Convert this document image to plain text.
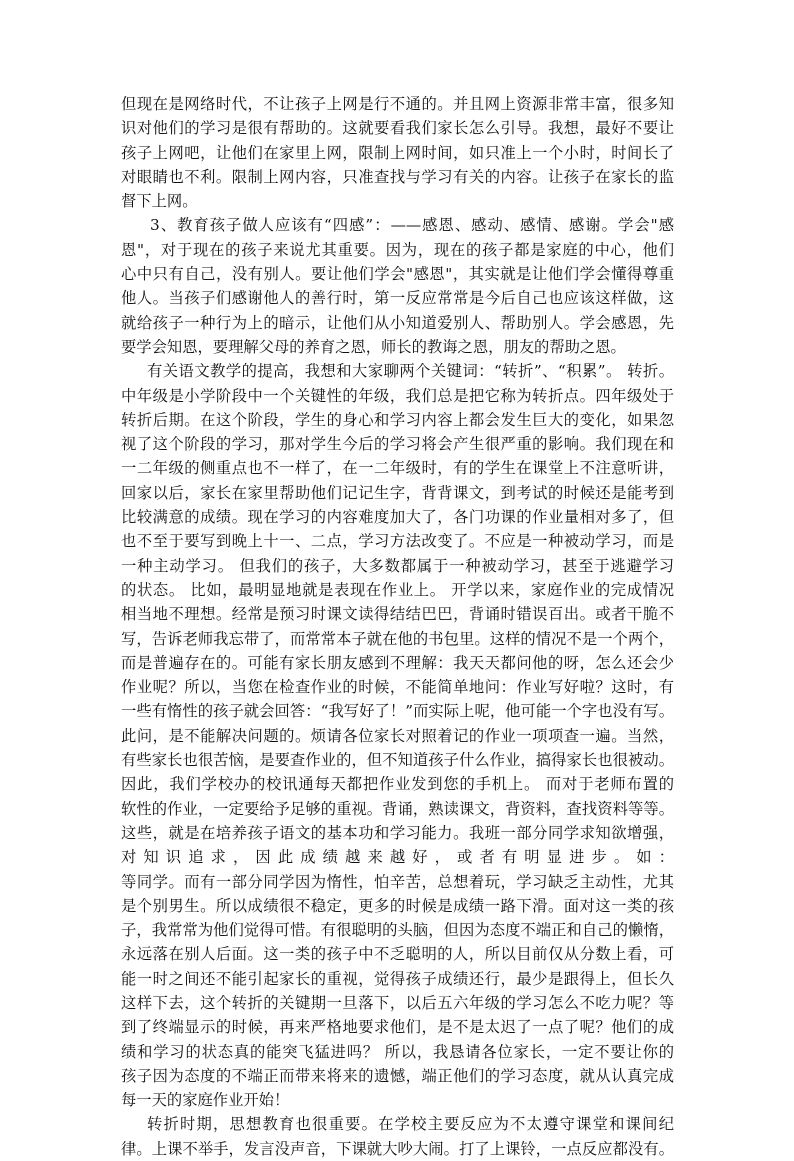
但现在是网络时代，不让孩子上网是行不通的。并且网上资源非常丰富，很多知
识对他们的学习是很有帮助的。这就要看我们家长怎么引导。我想，最好不要让
孩子上网吧，让他们在家里上网，限制上网时间，如只准上一个小时，时间长了
对眼睛也不利。限制上网内容，只准查找与学习有关的内容。让孩子在家长的监
督下上网。
3、教育孩子做人应该有“四感”：——感恩、感动、感情、感谢。学会"感
恩"，对于现在的孩子来说尤其重要。因为，现在的孩子都是家庭的中心，他们
心中只有自己，没有别人。要让他们学会"感恩"，其实就是让他们学会懂得尊重
他人。当孩子们感谢他人的善行时，第一反应常常是今后自己也应该这样做，这
就给孩子一种行为上的暗示，让他们从小知道爱别人、帮助别人。学会感恩，先
要学会知恩，要理解父母的养育之恩，师长的教诲之恩，朋友的帮助之恩。
有关语文教学的提高，我想和大家聊两个关键词：“转折”、“积累”。 转折。
中年级是小学阶段中一个关键性的年级，我们总是把它称为转折点。四年级处于
转折后期。在这个阶段，学生的身心和学习内容上都会发生巨大的变化，如果忽
视了这个阶段的学习，那对学生今后的学习将会产生很严重的影响。我们现在和
一二年级的侧重点也不一样了，在一二年级时，有的学生在课堂上不注意听讲，
回家以后，家长在家里帮助他们记记生字，背背课文，到考试的时候还是能考到
比较满意的成绩。现在学习的内容难度加大了，各门功课的作业量相对多了，但
也不至于要写到晚上十一、二点，学习方法改变了。不应是一种被动学习，而是
一种主动学习。 但我们的孩子，大多数都属于一种被动学习，甚至于逃避学习
的状态。 比如，最明显地就是表现在作业上。 开学以来，家庭作业的完成情况
相当地不理想。经常是预习时课文读得结结巴巴，背诵时错误百出。或者干脆不
写，告诉老师我忘带了，而常常本子就在他的书包里。这样的情况不是一个两个，
而是普遍存在的。可能有家长朋友感到不理解：我天天都问他的呀，怎么还会少
作业呢？所以，当您在检查作业的时候，不能简单地问：作业写好啦？这时，有
一些有惰性的孩子就会回答：“我写好了！”而实际上呢，他可能一个字也没有写。
此问，是不能解决问题的。烦请各位家长对照着记的作业一项项查一遍。当然，
有些家长也很苦恼，是要查作业的，但不知道孩子什么作业，搞得家长也很被动。
因此，我们学校办的校讯通每天都把作业发到您的手机上。 而对于老师布置的
软性的作业，一定要给予足够的重视。背诵，熟读课文，背资料，查找资料等等。
这些，就是在培养孩子语文的基本功和学习能力。我班一部分同学求知欲增强，
对知识追求，因此成绩越来越好，或者有明显进步。如：
等同学。而有一部分同学因为惰性，怕辛苦，总想着玩，学习缺乏主动性，尤其
是个别男生。所以成绩很不稳定，更多的时候是成绩一路下滑。面对这一类的孩
子，我常常为他们觉得可惜。有很聪明的头脑，但因为态度不端正和自己的懒惰，
永远落在别人后面。这一类的孩子中不乏聪明的人，所以目前仅从分数上看，可
能一时之间还不能引起家长的重视，觉得孩子成绩还行，最少是跟得上，但长久
这样下去，这个转折的关键期一旦落下，以后五六年级的学习怎么不吃力呢？等
到了终端显示的时候，再来严格地要求他们，是不是太迟了一点了呢？他们的成
绩和学习的状态真的能突飞猛进吗？ 所以，我恳请各位家长，一定不要让你的
孩子因为态度的不端正而带来将来的遗憾，端正他们的学习态度，就从认真完成
每一天的家庭作业开始！
转折时期，思想教育也很重要。在学校主要反应为不太遵守课堂和课间纪
律。上课不举手，发言没声音，下课就大吵大闹。打了上课铃，一点反应都没有。
